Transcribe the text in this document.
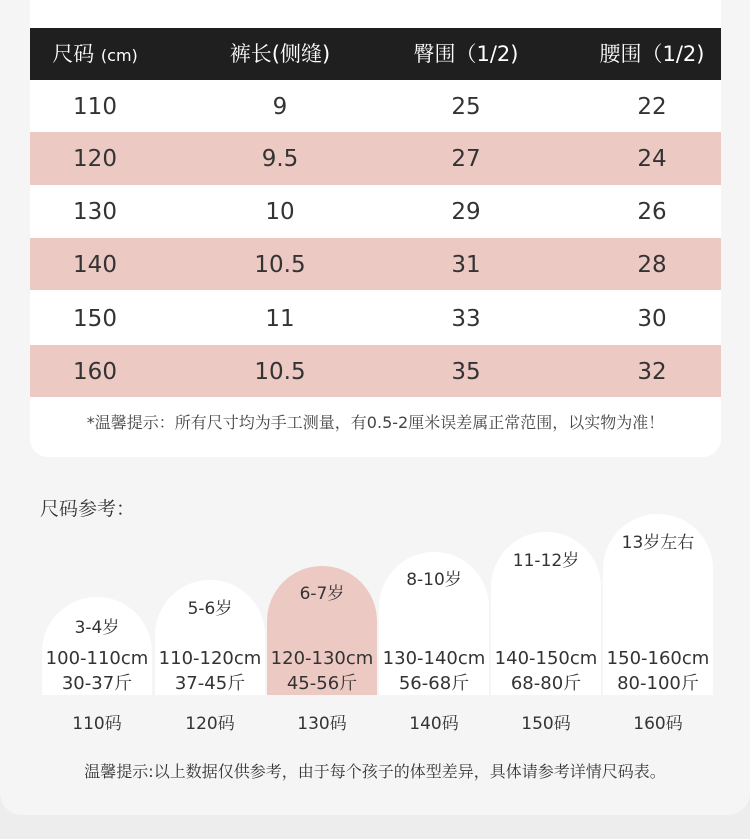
尺码 (cm)	裤长(侧缝)	臀围（1/2)	腰围（1/2)
110	9	25	22
120	9.5	27	24
130	10	29	26
140	10.5	31	28
150	11	33	30
160	10.5	35	32
*温馨提示：所有尺寸均为手工测量，有0.5-2厘米误差属正常范围，以实物为准！
尺码参考：
3-4岁
5-6岁
6-7岁
8-10岁
11-12岁
13岁左右
100-110cm
30-37斤
110-120cm
37-45斤
120-130cm
45-56斤
130-140cm
56-68斤
140-150cm
68-80斤
150-160cm
80-100斤
110码	120码	130码	140码	150码	160码
温馨提示:以上数据仅供参考，由于每个孩子的体型差异，具体请参考详情尺码表。
